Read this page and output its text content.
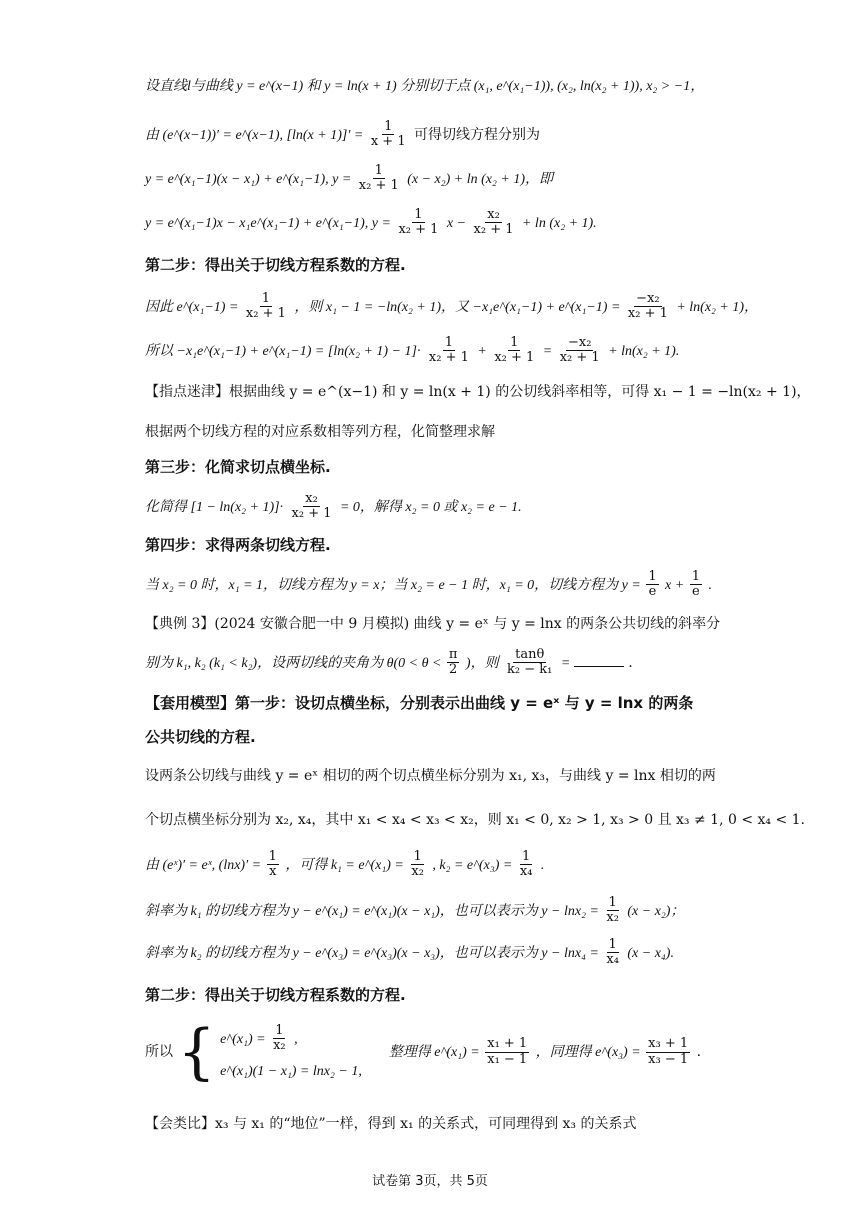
设直线l与曲线 y = e^(x−1) 和 y = ln(x + 1) 分别切于点 (x₁, e^(x₁−1)), (x₂, ln(x₂ + 1)), x₂ > −1，
由 (e^(x−1))′ = e^(x−1), $[\ln(x + 1)]' = \frac{1}{x + 1}$ 可得切线方程分别为
y = e^(x₁−1)(x − x₁) + e^(x₁−1), $y = \frac{1}{\text{x₂ + 1}} (x - x_2) + \ln (x_2 + 1)$，即
y = e^(x₁−1)x − x₁e^(x₁−1) + e^(x₁−1), $y = \frac{1}{\text{x₂ + 1}}$ $x - \frac{\text{x₂}}{\text{x₂ + 1}} + \ln (x_2 + 1)$.
第二步：得出关于切线方程系数的方程.
因此 e^(x₁−1) = $\frac{1}{\text{x₂ + 1}}$ ，则 x₁ − 1 = −ln(x₂ + 1)，又 −x₁e^(x₁−1) + e^(x₁−1) = $\frac{\text{−x₂}}{\text{x₂ + 1}} + \ln(x_2 + 1)$，
所以 −x₁e^(x₁−1) + e^(x₁−1) = $[\ln(x_2 + 1) - 1]\cdot \frac{1}{\text{x₂ + 1}} + \frac{1}{\text{x₂ + 1}} = \frac{\text{−x₂}}{\text{x₂ + 1}} + \ln(x_2 + 1)$.
【指点迷津】根据曲线 y = e^(x−1) 和 y = ln(x + 1) 的公切线斜率相等，可得 x₁ − 1 = −ln(x₂ + 1)，
根据两个切线方程的对应系数相等列方程，化简整理求解
第三步：化简求切点横坐标.
化简得 $[1 - \ln(x_2 + 1)]\cdot \frac{\text{x₂}}{\text{x₂ + 1}} = 0$，解得 x₂ = 0 或 x₂ = e − 1.
第四步：求得两条切线方程.
当 x₂ = 0 时，x₁ = 1，切线方程为 y = x；当 x₂ = e − 1 时，x₁ = 0，切线方程为 $y = \frac{1}{e}$ $x + \frac{1}{e}$ .
【典例 3】(2024 安徽合肥一中 9 月模拟) 曲线 y = eˣ 与 y = lnx 的两条公共切线的斜率分
别为 k₁, k₂ (k₁ < k₂)，设两切线的夹角为 $\theta(0 < \theta < \frac{\pi}{2}$ )，则 $\frac{\tan\theta}{\text{k₂ − k₁}}$ =	.
【套用模型】第一步：设切点横坐标，分别表示出曲线 y = eˣ 与 y = lnx 的两条
公共切线的方程.
设两条公切线与曲线 y = eˣ 相切的两个切点横坐标分别为 x₁, x₃，与曲线 y = lnx 相切的两
个切点横坐标分别为 x₂, x₄，其中 x₁ < x₄ < x₃ < x₂，则 x₁ < 0, x₂ > 1, x₃ > 0 且 x₃ ≠ 1, 0 < x₄ < 1.
由 (eˣ)′ = eˣ, $(\ln x)' = \frac{1}{x}$ ，可得 k₁ = e^(x₁) = $\frac{1}{\text{x₂}}$ , k₂ = e^(x₃) = $\frac{1}{\text{x₄}}$ .
斜率为 k₁ 的切线方程为 y − e^(x₁) = e^(x₁)(x − x₁)，也可以表示为 $y - \ln x_2 = \frac{1}{\text{x₂}} (x - x_2)$；
斜率为 k₂ 的切线方程为 y − e^(x₃) = e^(x₃)(x − x₃)，也可以表示为 $y - \ln x_4 = \frac{1}{\text{x₄}} (x - x_4)$.
第二步：得出关于切线方程系数的方程.
所以 { e^(x₁) = $\frac{1}{\text{x₂}}$ ,
e^(x₁)(1 − x₁) = lnx₂ − 1,
整理得 e^(x₁) = $\frac{\text{x₁ + 1}}{\text{x₁ − 1}}$ ，同理得 e^(x₃) = $\frac{\text{x₃ + 1}}{\text{x₃ − 1}}$ .
【会类比】x₃ 与 x₁ 的“地位”一样，得到 x₁ 的关系式，可同理得到 x₃ 的关系式
试卷第 3页，共 5页
